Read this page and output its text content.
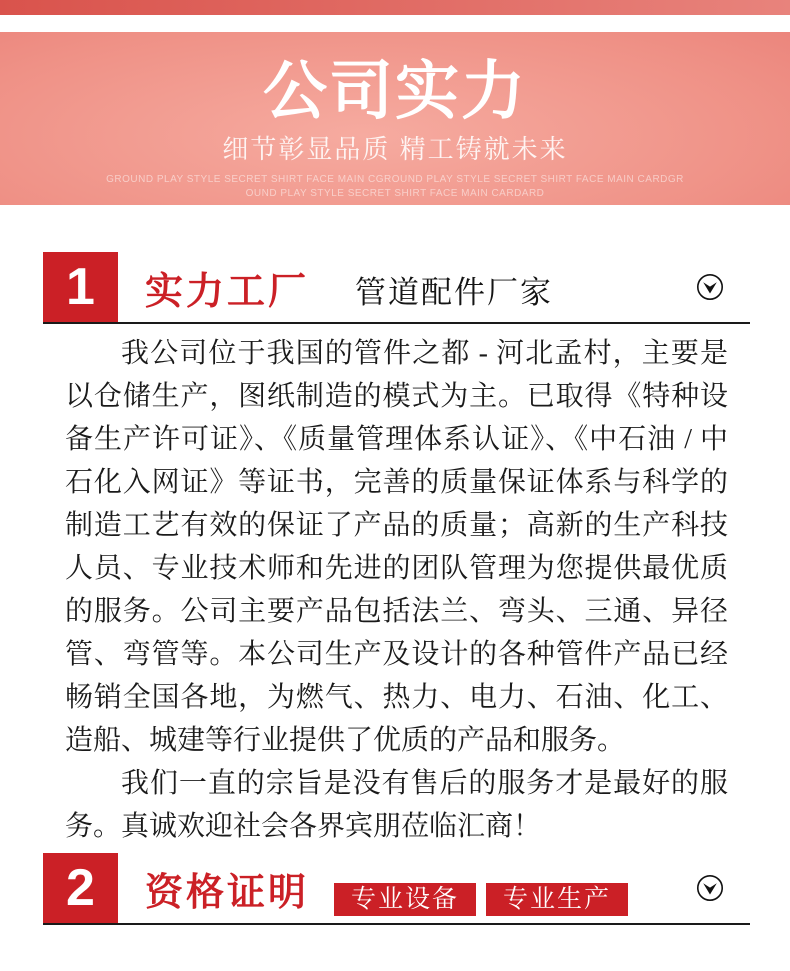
公司实力
细节彰显品质 精工铸就未来
GROUND PLAY STYLE SECRET SHIRT FACE MAIN CGROUND PLAY STYLE SECRET SHIRT FACE MAIN CARDGR
OUND PLAY STYLE SECRET SHIRT FACE MAIN CARDARD
1 实力工厂 管道配件厂家

我公司位于我国的管件之都 - 河北孟村，主要是以仓储生产，图纸制造的模式为主。已取得《特种设备生产许可证》、《质量管理体系认证》、《中石油 / 中石化入网证》等证书，完善的质量保证体系与科学的制造工艺有效的保证了产品的质量；高新的生产科技人员、专业技术师和先进的团队管理为您提供最优质的服务。公司主要产品包括法兰、弯头、三通、异径管、弯管等。本公司生产及设计的各种管件产品已经畅销全国各地，为燃气、热力、电力、石油、化工、造船、城建等行业提供了优质的产品和服务。

我们一直的宗旨是没有售后的服务才是最好的服务。真诚欢迎社会各界宾朋莅临汇商！

2 资格证明	专业设备	专业生产
